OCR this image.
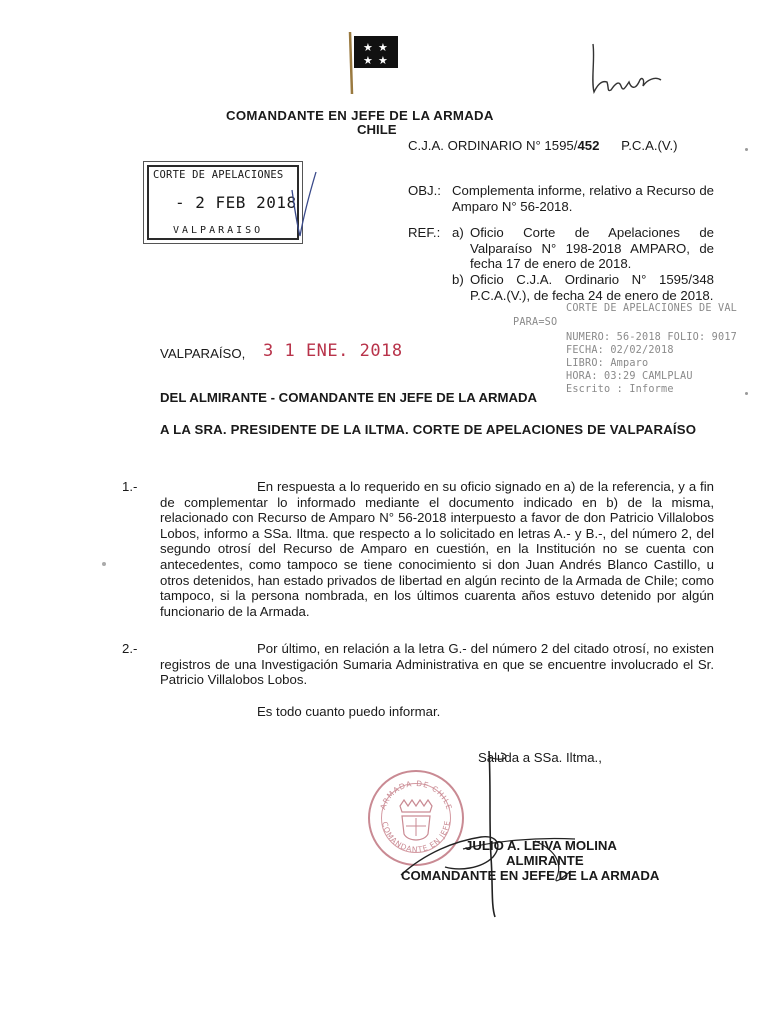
★ ★
★ ★
COMANDANTE EN JEFE DE LA ARMADA
CHILE
C.J.A. ORDINARIO N° 1595/452 P.C.A.(V.)
CORTE DE APELACIONES
- 2 FEB 2018
VALPARAISO
OBJ.: Complementa informe, relativo a Recurso de Amparo N° 56-2018.
REF.: a) Oficio Corte de Apelaciones de Valparaíso N° 198-2018 AMPARO, de fecha 17 de enero de 2018.
b) Oficio C.J.A. Ordinario N° 1595/348 P.C.A.(V.), de fecha 24 de enero de 2018.
CORTE DE APELACIONES DE VAL
PARA=SO
NUMERO: 56-2018 FOLIO: 9017
FECHA: 02/02/2018
LIBRO: Amparo
HORA: 03:29 CAMLPLAU
Escrito : Informe
VALPARAÍSO, 3 1 ENE. 2018
DEL ALMIRANTE - COMANDANTE EN JEFE DE LA ARMADA
A LA SRA. PRESIDENTE DE LA ILTMA. CORTE DE APELACIONES DE VALPARAÍSO
1.-	En respuesta a lo requerido en su oficio signado en a) de la referencia, y a fin de complementar lo informado mediante el documento indicado en b) de la misma, relacionado con Recurso de Amparo N° 56-2018 interpuesto a favor de don Patricio Villalobos Lobos, informo a SSa. Iltma. que respecto a lo solicitado en letras A.- y B.-, del número 2, del segundo otrosí del Recurso de Amparo en cuestión, en la Institución no se cuenta con antecedentes, como tampoco se tiene conocimiento si don Juan Andrés Blanco Castillo, u otros detenidos, han estado privados de libertad en algún recinto de la Armada de Chile; como tampoco, si la persona nombrada, en los últimos cuarenta años estuvo detenido por algún funcionario de la Armada.
2.-	Por último, en relación a la letra G.- del número 2 del citado otrosí, no existen registros de una Investigación Sumaria Administrativa en que se encuentre involucrado el Sr. Patricio Villalobos Lobos.
Es todo cuanto puedo informar.
Saluda a SSa. Iltma.,
ARMADA DE CHILE
COMANDANTE EN JEFE
JULIO A. LEIVA MOLINA
ALMIRANTE
COMANDANTE EN JEFE DE LA ARMADA
